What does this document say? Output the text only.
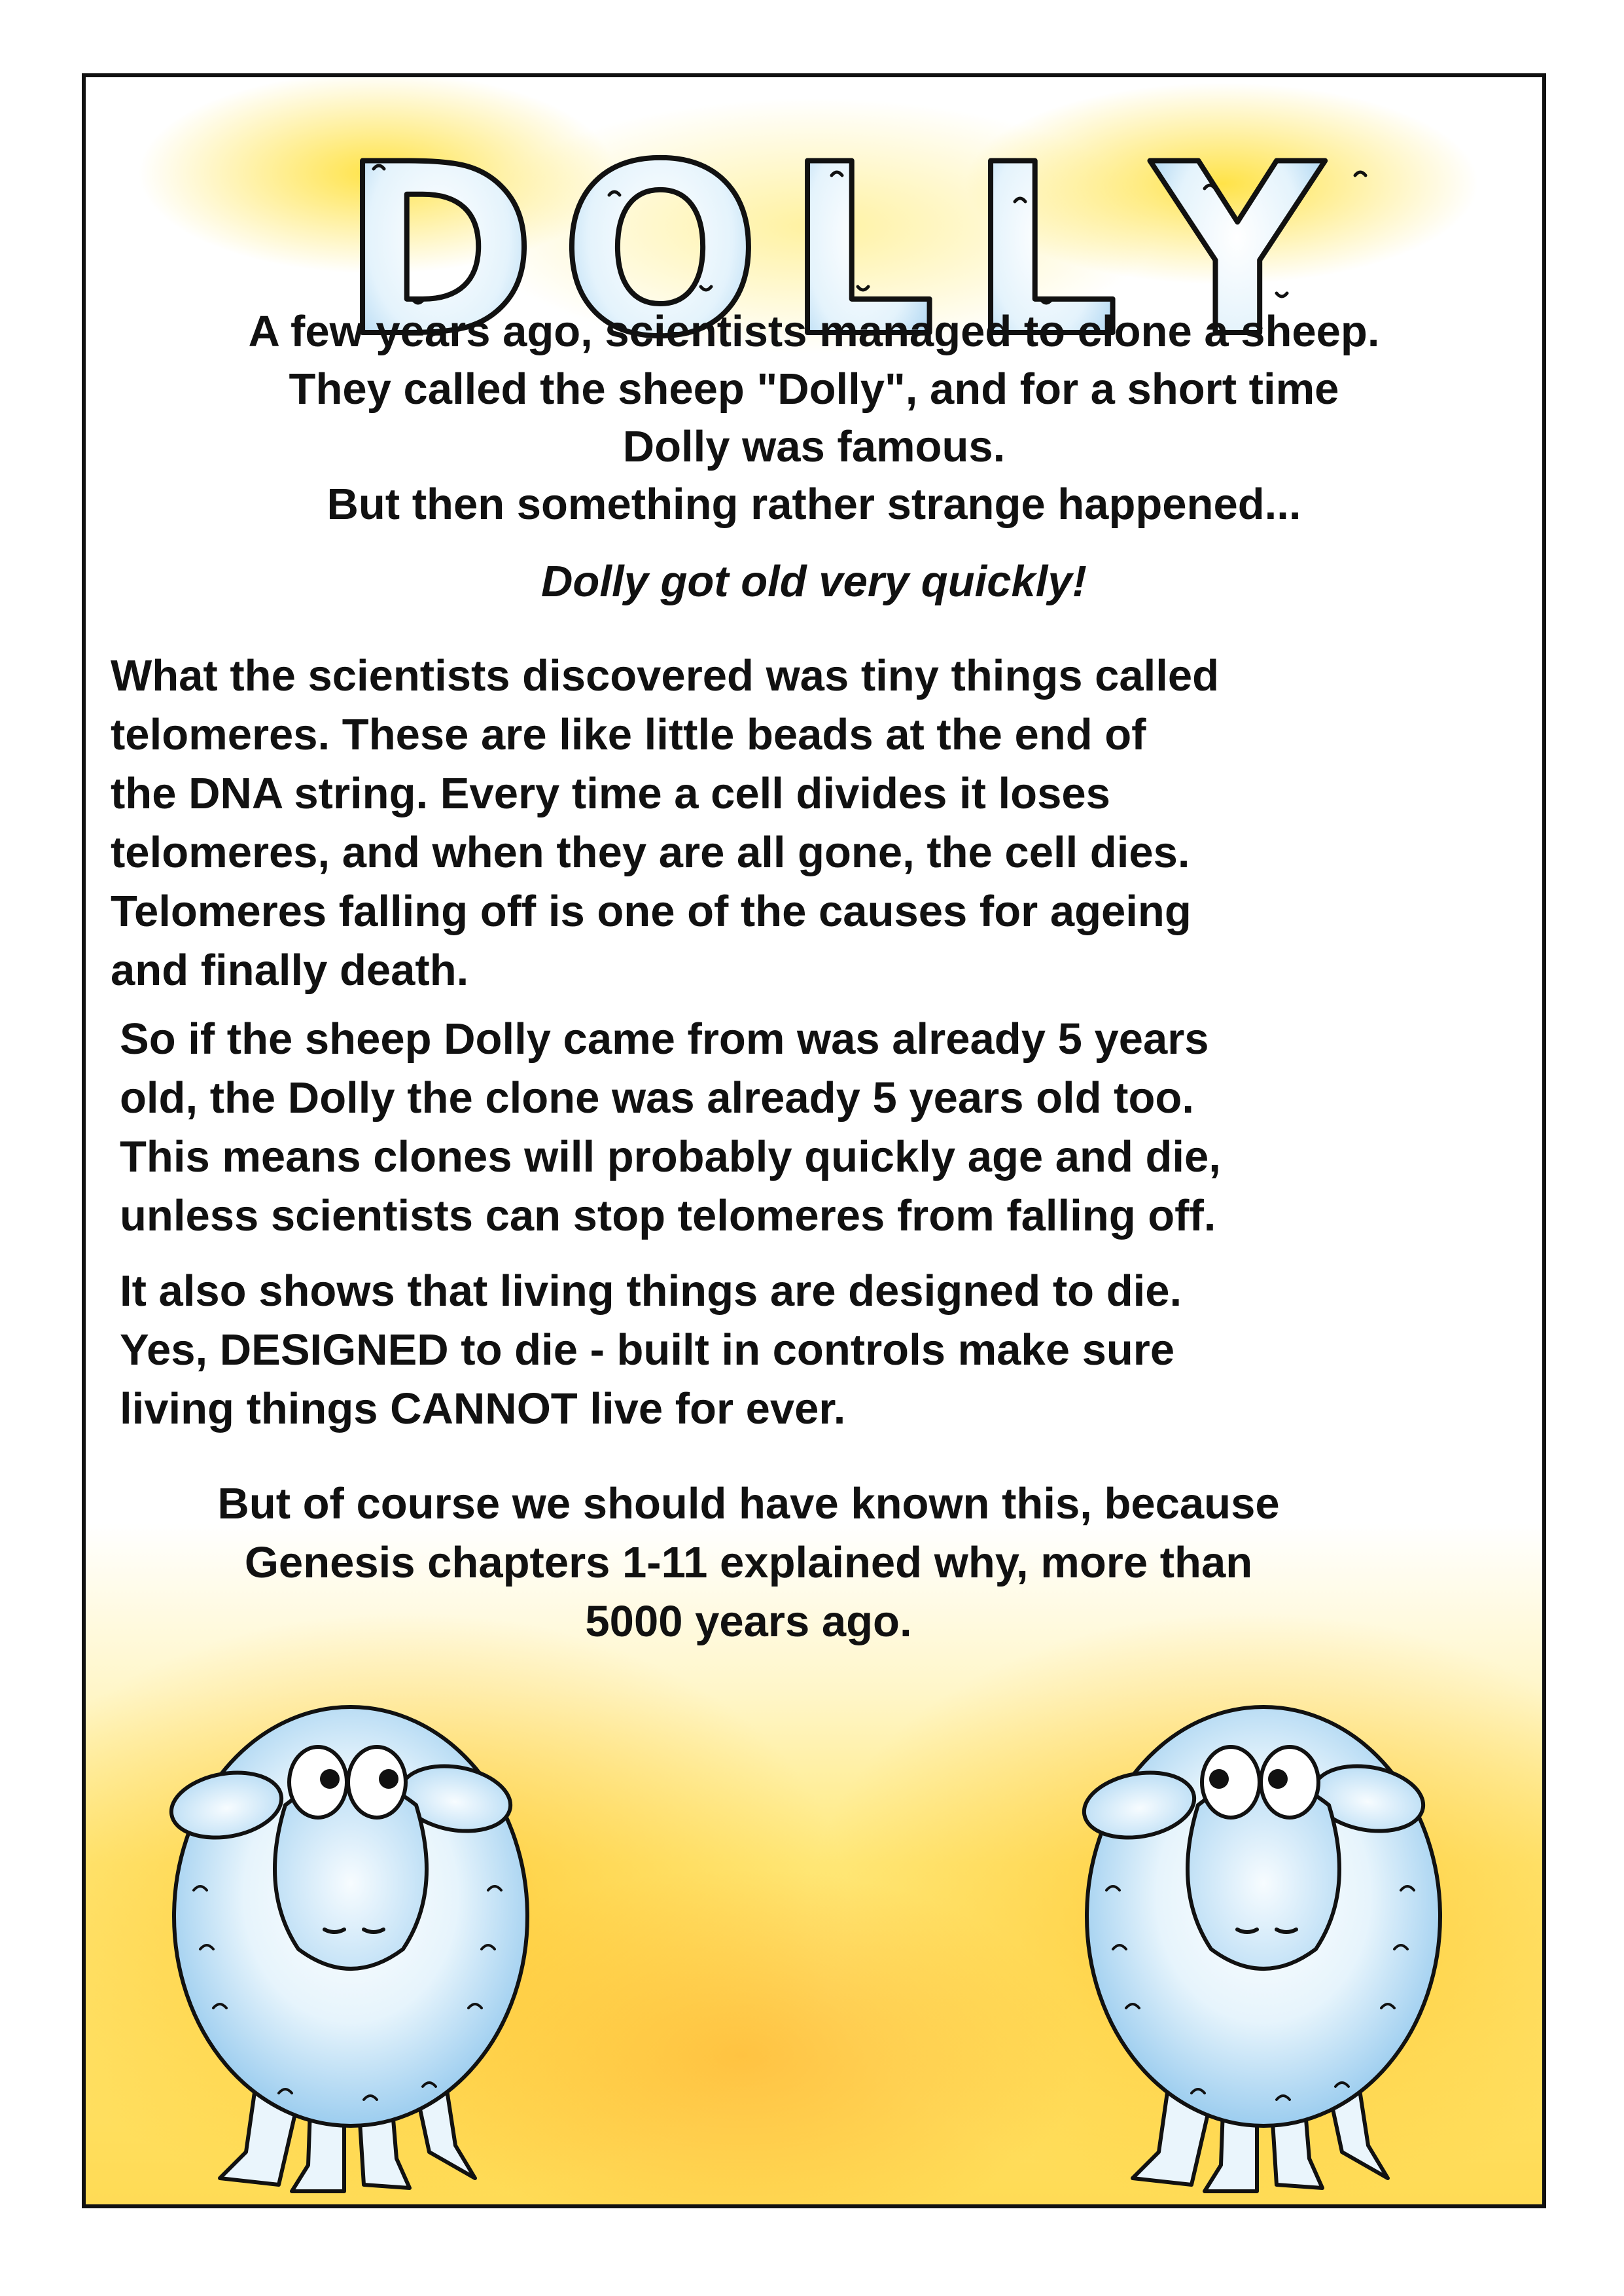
D O L L Y

A few years ago, scientists managed to clone a sheep.

They called the sheep "Dolly", and for a short time

Dolly was famous.

But then something rather strange happened...

Dolly got old very quickly!

What the scientists discovered was tiny things called
telomeres. These are like little beads at the end of
the DNA string. Every time a cell divides it loses
telomeres, and when they are all gone, the cell dies.
Telomeres falling off is one of the causes for ageing
and finally death.

So if the sheep Dolly came from was already 5 years
old, the Dolly the clone was already 5 years old too.
This means clones will probably quickly age and die,
unless scientists can stop telomeres from falling off.

It also shows that living things are designed to die.
Yes, DESIGNED to die - built in controls make sure
living things CANNOT live for ever.

But of course we should have known this, because
Genesis chapters 1-11 explained why, more than
5000 years ago.
